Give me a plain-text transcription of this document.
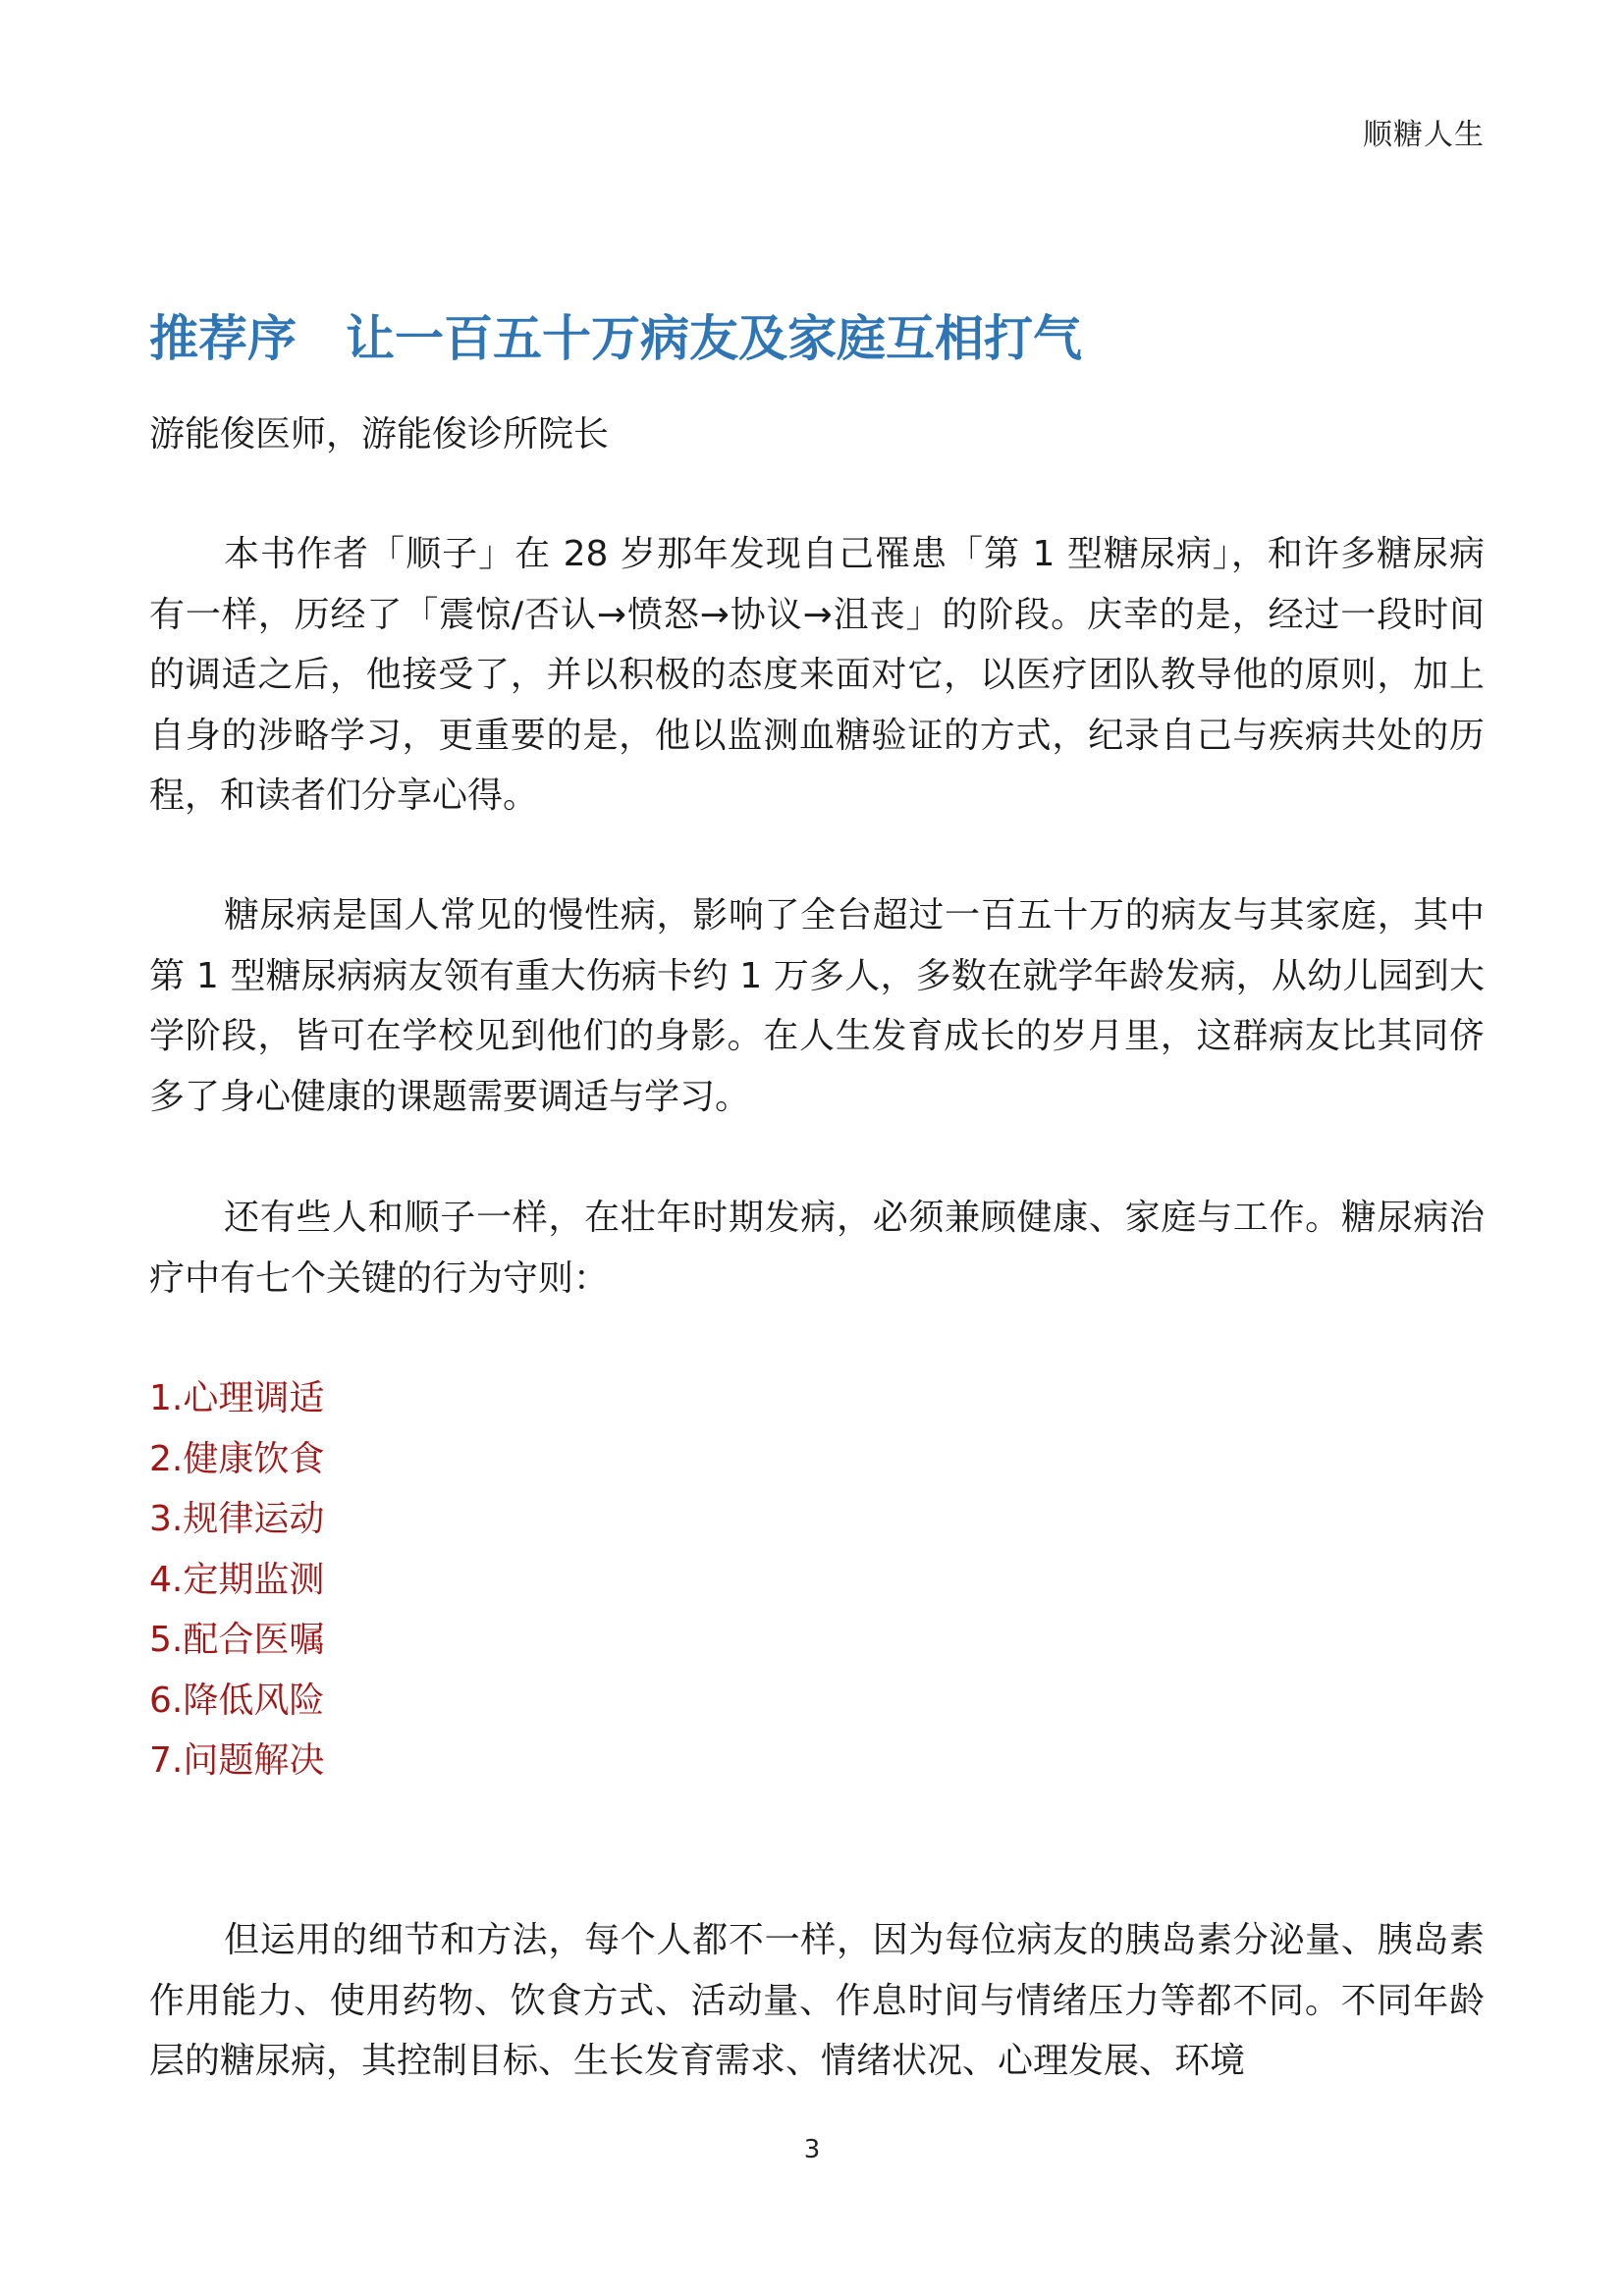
顺糖人生
推荐序 让一百五十万病友及家庭互相打气
游能俊医师，游能俊诊所院长

本书作者「顺子」在 28 岁那年发现自己罹患「第 1 型糖尿病」，和许多糖尿病有一样，历经了「震惊/否认→愤怒→协议→沮丧」的阶段。庆幸的是，经过一段时间的调适之后，他接受了，并以积极的态度来面对它，以医疗团队教导他的原则，加上自身的涉略学习，更重要的是，他以监测血糖验证的方式，纪录自己与疾病共处的历程，和读者们分享心得。

糖尿病是国人常见的慢性病，影响了全台超过一百五十万的病友与其家庭，其中第 1 型糖尿病病友领有重大伤病卡约 1 万多人，多数在就学年龄发病，从幼儿园到大学阶段，皆可在学校见到他们的身影。在人生发育成长的岁月里，这群病友比其同侪多了身心健康的课题需要调适与学习。

还有些人和顺子一样，在壮年时期发病，必须兼顾健康、家庭与工作。糖尿病治疗中有七个关键的行为守则：

1.心理调适
2.健康饮食
3.规律运动
4.定期监测
5.配合医嘱
6.降低风险
7.问题解决

但运用的细节和方法，每个人都不一样，因为每位病友的胰岛素分泌量、胰岛素作用能力、使用药物、饮食方式、活动量、作息时间与情绪压力等都不同。不同年龄层的糖尿病，其控制目标、生长发育需求、情绪状况、心理发展、环境

3
